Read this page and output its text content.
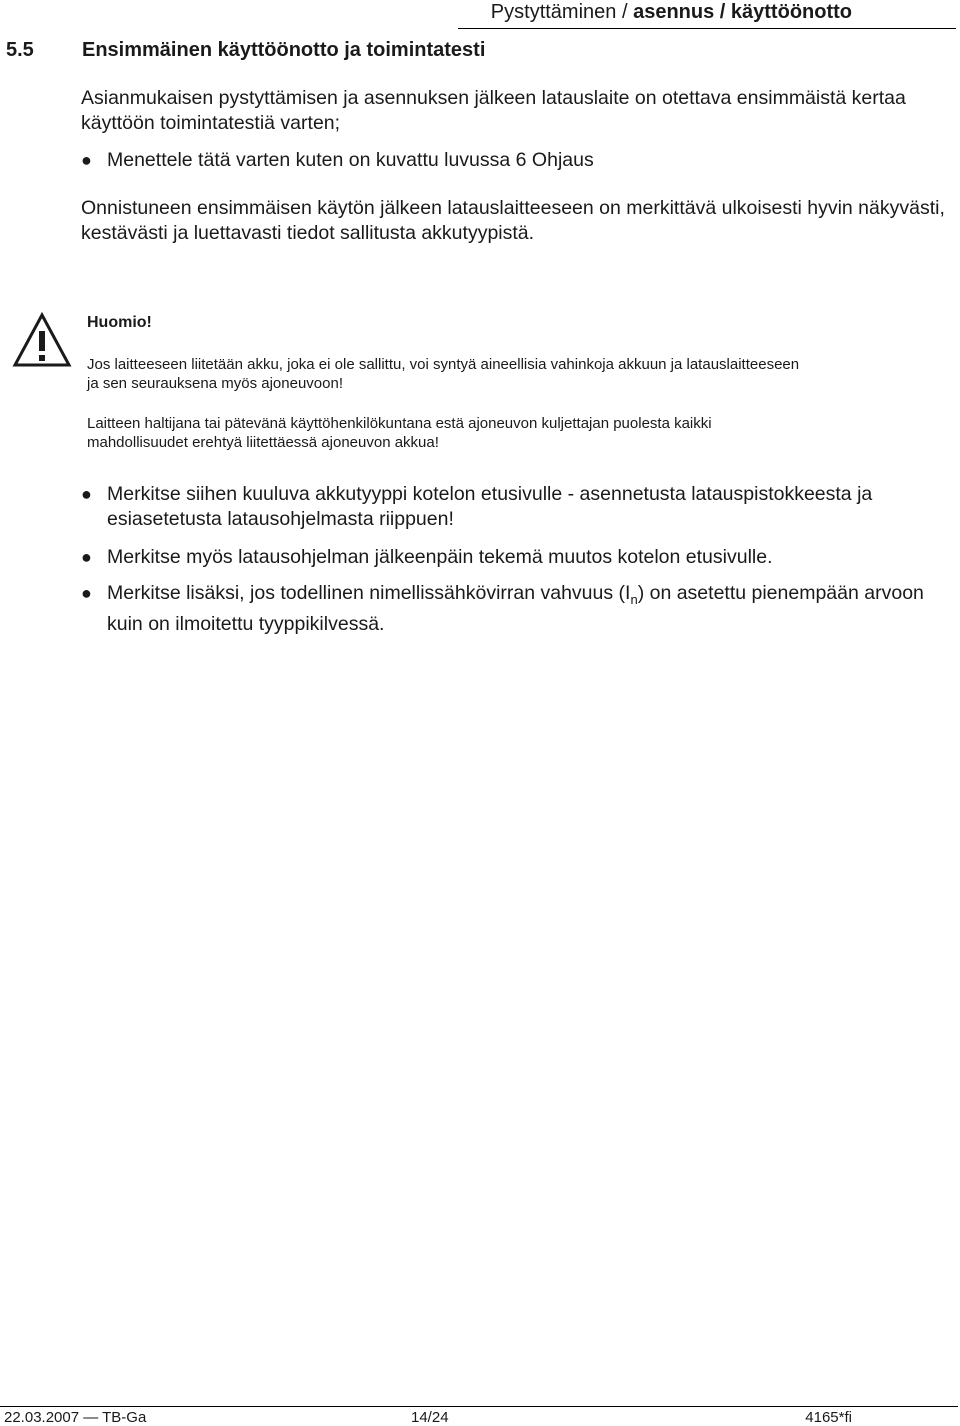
Pystyttäminen / asennus / käyttöönotto
5.5 Ensimmäinen käyttöönotto ja toimintatesti

Asianmukaisen pystyttämisen ja asennuksen jälkeen latauslaite on otettava ensimmäistä kertaa käyttöön toimintatestiä varten;

● Menettele tätä varten kuten on kuvattu luvussa 6 Ohjaus

Onnistuneen ensimmäisen käytön jälkeen latauslaitteeseen on merkittävä ulkoisesti hyvin näkyvästi, kestävästi ja luettavasti tiedot sallitusta akkutyypistä.

Huomio!

Jos laitteeseen liitetään akku, joka ei ole sallittu, voi syntyä aineellisia vahinkoja akkuun ja latauslaitteeseen ja sen seurauksena myös ajoneuvoon!

Laitteen haltijana tai pätevänä käyttöhenkilökuntana estä ajoneuvon kuljettajan puolesta kaikki mahdollisuudet erehtyä liitettäessä ajoneuvon akkua!

● Merkitse siihen kuuluva akkutyyppi kotelon etusivulle - asennetusta latauspistokkeesta ja esiasetetusta latausohjelmasta riippuen!
● Merkitse myös latausohjelman jälkeenpäin tekemä muutos kotelon etusivulle.
● Merkitse lisäksi, jos todellinen nimellissähkövirran vahvuus $(I_n)$ on asetettu pienempään arvoon kuin on ilmoitettu tyyppikilvessä.
22.03.2007 — TB-Ga	14/24	4165*fi
